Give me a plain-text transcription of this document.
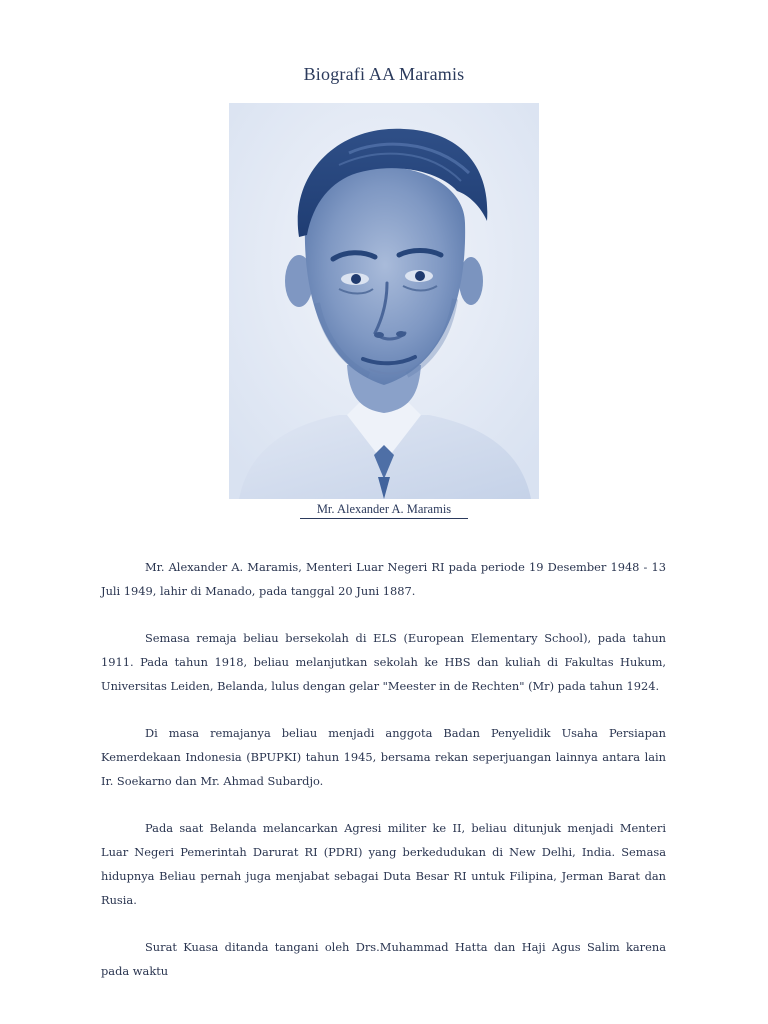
Biografi AA Maramis
Mr. Alexander A. Maramis

Mr. Alexander A. Maramis, Menteri Luar Negeri RI pada periode 19 Desember 1948 - 13 Juli 1949, lahir di Manado, pada tanggal 20 Juni 1887.

Semasa remaja beliau bersekolah di ELS (European Elementary School), pada tahun 1911. Pada tahun 1918, beliau melanjutkan sekolah ke HBS dan kuliah di Fakultas Hukum, Universitas Leiden, Belanda, lulus dengan gelar "Meester in de Rechten" (Mr) pada tahun 1924.

Di masa remajanya beliau menjadi anggota Badan Penyelidik Usaha Persiapan Kemerdekaan Indonesia (BPUPKI) tahun 1945, bersama rekan seperjuangan lainnya antara lain Ir. Soekarno dan Mr. Ahmad Subardjo.

Pada saat Belanda melancarkan Agresi militer ke II, beliau ditunjuk menjadi Menteri Luar Negeri Pemerintah Darurat RI (PDRI) yang berkedudukan di New Delhi, India. Semasa hidupnya Beliau pernah juga menjabat sebagai Duta Besar RI untuk Filipina, Jerman Barat dan Rusia.

Surat Kuasa ditanda tangani oleh Drs.Muhammad Hatta dan Haji Agus Salim karena pada waktu
